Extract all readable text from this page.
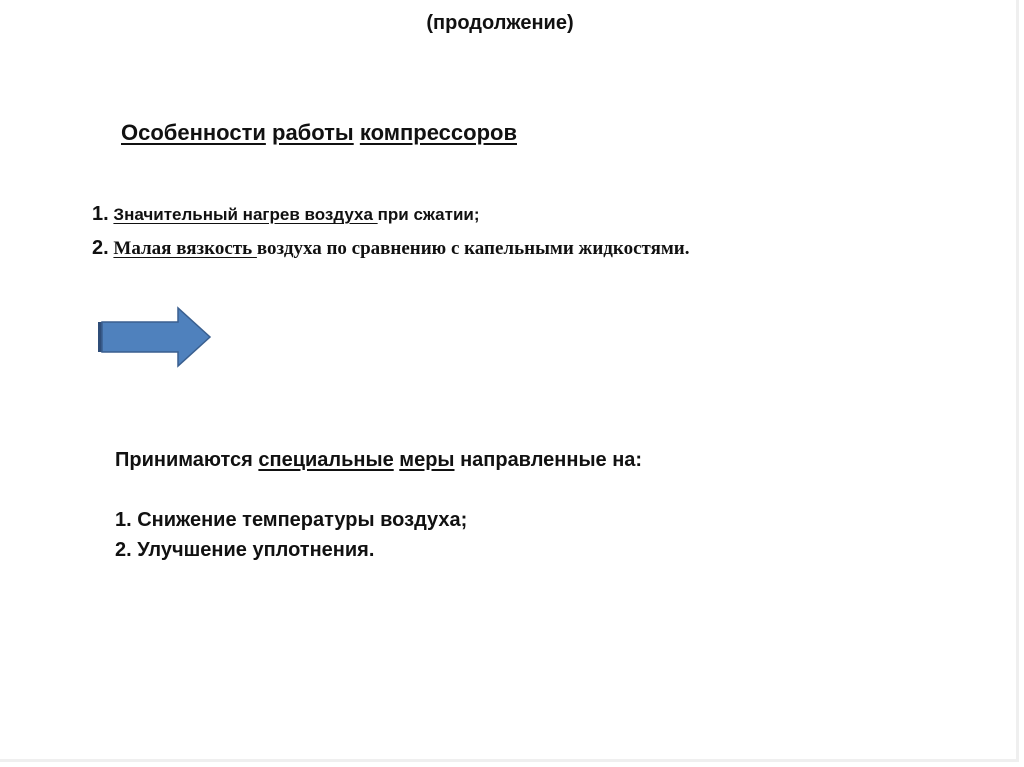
(продолжение)
Особенности работы компрессоров
1. Значительный нагрев воздуха при сжатии;
2. Малая вязкость воздуха по сравнению с капельными жидкостями.
Принимаются специальные меры направленные на:
1. Снижение температуры воздуха;
2. Улучшение уплотнения.
